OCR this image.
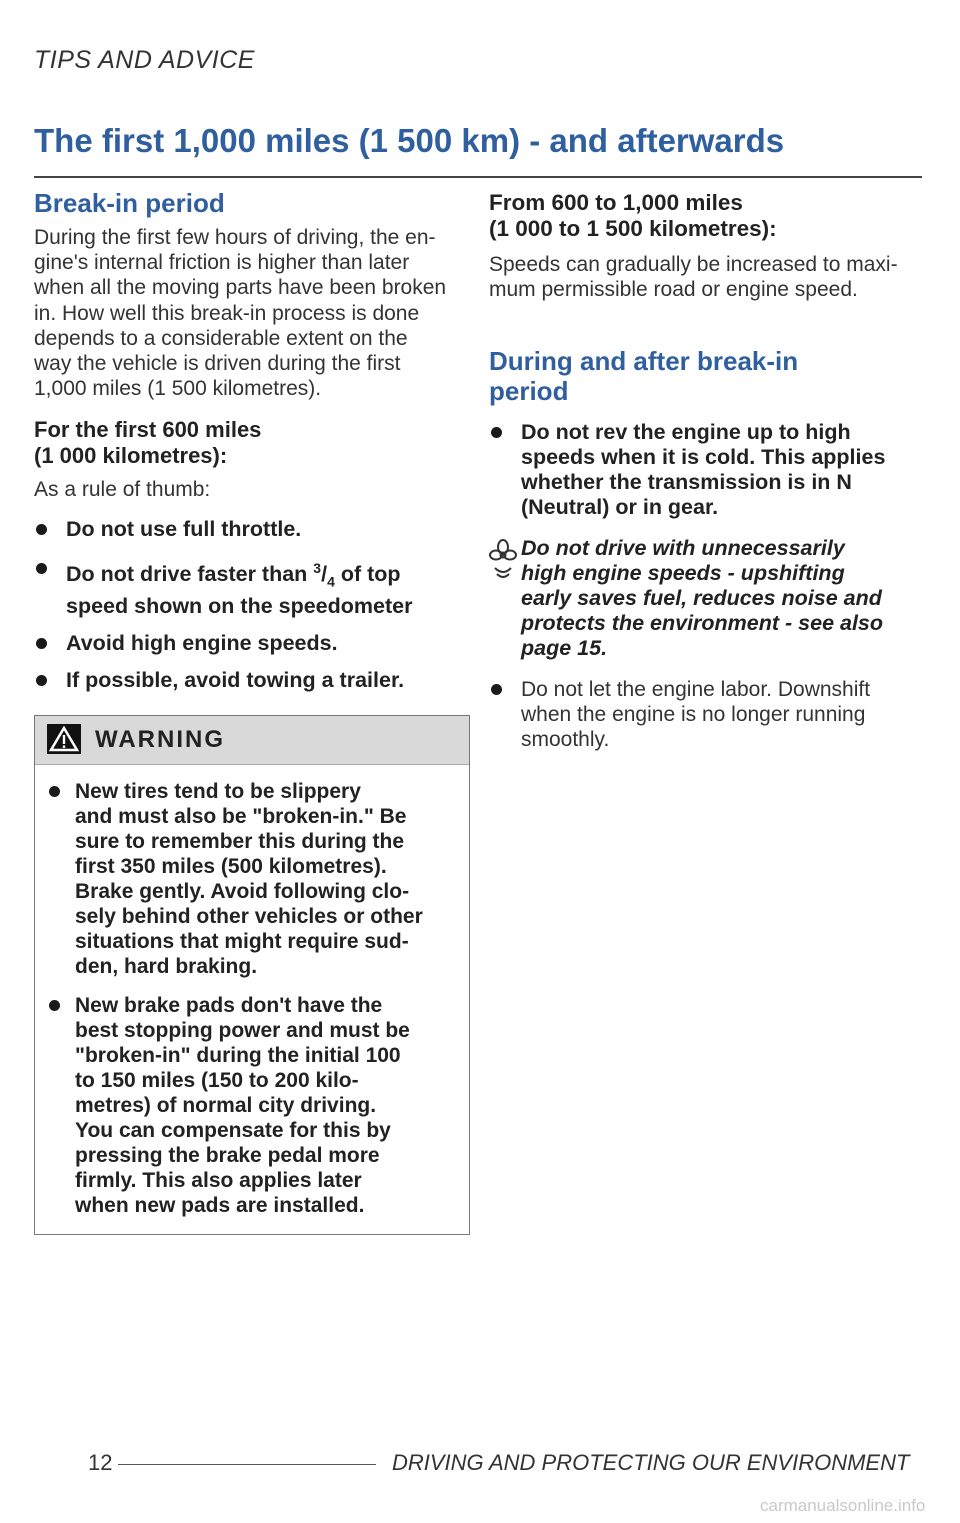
TIPS AND ADVICE
The first 1,000 miles (1 500 km) - and afterwards
Break-in period

During the first few hours of driving, the en-
gine's internal friction is higher than later
when all the moving parts have been broken
in. How well this break-in process is done
depends to a considerable extent on the
way the vehicle is driven during the first
1,000 miles (1 500 kilometres).

For the first 600 miles
(1 000 kilometres):

As a rule of thumb:

Do not use full throttle.

Do not drive faster than $^3/_4$ of top
speed shown on the speedometer

Avoid high engine speeds.

If possible, avoid towing a trailer.

WARNING

New tires tend to be slippery
and must also be "broken-in." Be
sure to remember this during the
first 350 miles (500 kilometres).
Brake gently. Avoid following clo-
sely behind other vehicles or other
situations that might require sud-
den, hard braking.

New brake pads don't have the
best stopping power and must be
"broken-in" during the initial 100
to 150 miles (150 to 200 kilo-
metres) of normal city driving.
You can compensate for this by
pressing the brake pedal more
firmly. This also applies later
when new pads are installed.

From 600 to 1,000 miles
(1 000 to 1 500 kilometres):

Speeds can gradually be increased to maxi-
mum permissible road or engine speed.

During and after break-in
period

Do not rev the engine up to high
speeds when it is cold. This applies
whether the transmission is in N
(Neutral) or in gear.

Do not drive with unnecessarily
high engine speeds - upshifting
early saves fuel, reduces noise and
protects the environment - see also
page 15.

Do not let the engine labor. Downshift
when the engine is no longer running
smoothly.

12	DRIVING AND PROTECTING OUR ENVIRONMENT
carmanualsonline.info
